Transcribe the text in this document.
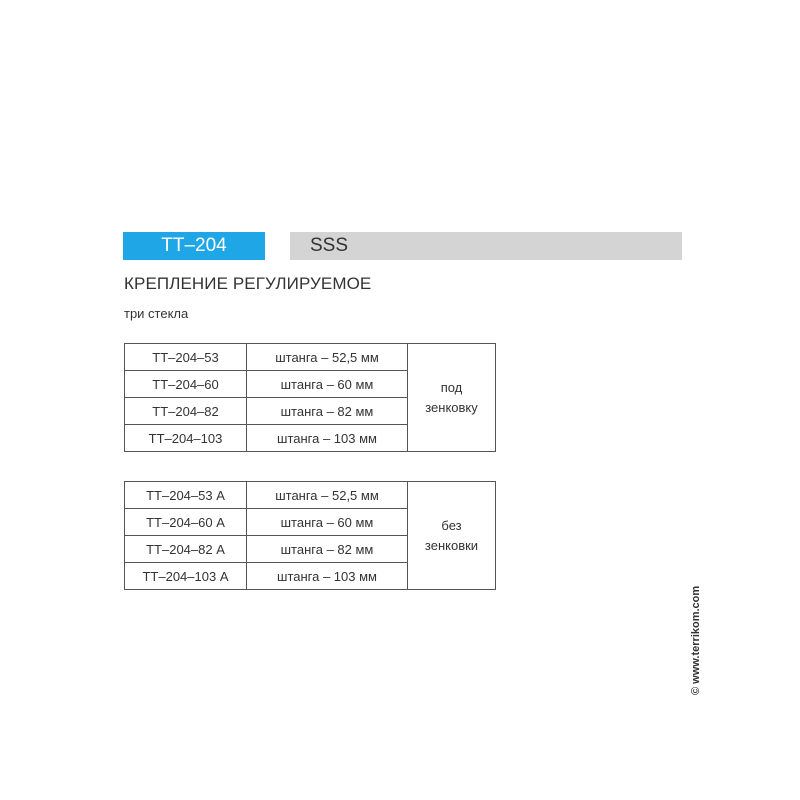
TT–204	SSS
КРЕПЛЕНИЕ РЕГУЛИРУЕМОЕ
три стекла
TT–204–53	штанга – 52,5 мм	под
зенковку

TT–204–60	штанга – 60 мм	
TT–204–82	штанга – 82 мм	
TT–204–103	штанга – 103 мм	
TT–204–53 А	штанга – 52,5 мм	без
зенковки

TT–204–60 А	штанга – 60 мм	
TT–204–82 А	штанга – 82 мм	
TT–204–103 А	штанга – 103 мм	
© www.terrikom.com
